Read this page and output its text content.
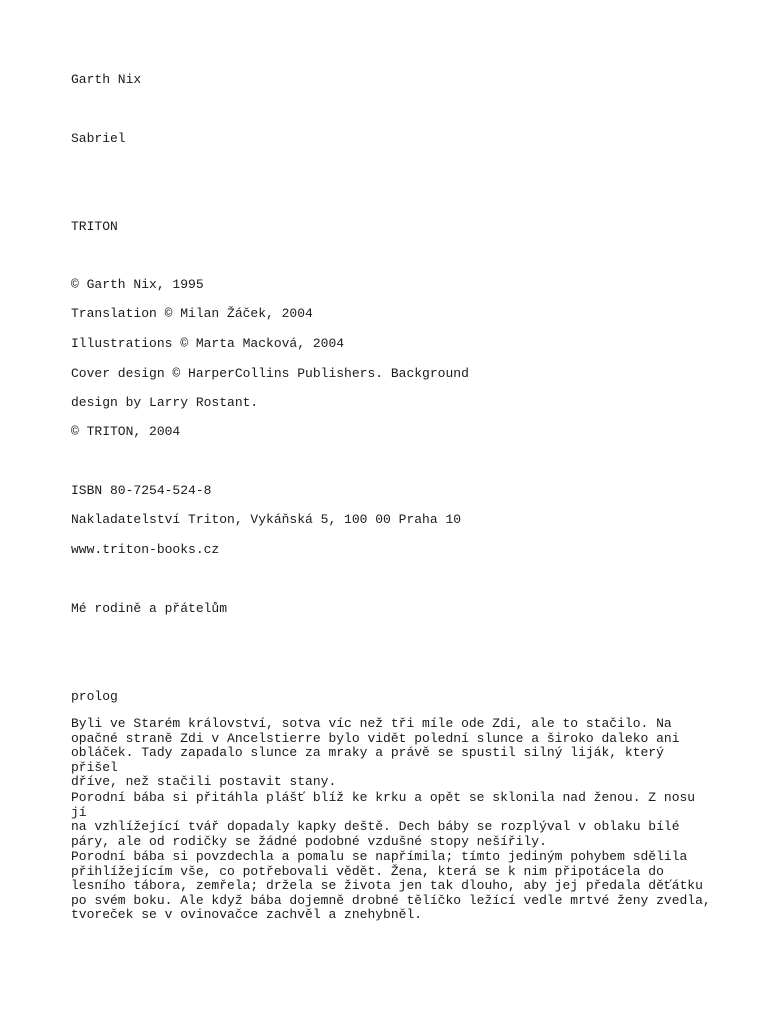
Garth Nix

Sabriel

TRITON

© Garth Nix, 1995

Translation © Milan Žáček, 2004

Illustrations © Marta Macková, 2004

Cover design © HarperCollins Publishers. Background

design by Larry Rostant.

© TRITON, 2004

ISBN 80-7254-524-8

Nakladatelství Triton, Vykáňská 5, 100 00 Praha 10

www.triton-books.cz

Mé rodině a přátelům

prolog

Byli ve Starém království, sotva víc než tři míle ode Zdi, ale to stačilo. Na
opačné straně Zdi v Ancelstierre bylo vidět polední slunce a široko daleko ani
obláček. Tady zapadalo slunce za mraky a právě se spustil silný liják, který přišel
dříve, než stačili postavit stany.

Porodní bába si přitáhla plášť blíž ke krku a opět se sklonila nad ženou. Z nosu jí
na vzhlížející tvář dopadaly kapky deště. Dech báby se rozplýval v oblaku bílé
páry, ale od rodičky se žádné podobné vzdušné stopy nešířily.

Porodní bába si povzdechla a pomalu se napřímila; tímto jediným pohybem sdělila
přihlížejícím vše, co potřebovali vědět. Žena, která se k nim připotácela do
lesního tábora, zemřela; držela se života jen tak dlouho, aby jej předala děťátku
po svém boku. Ale když bába dojemně drobné tělíčko ležící vedle mrtvé ženy zvedla,
tvoreček se v ovinovačce zachvěl a znehybněl.
